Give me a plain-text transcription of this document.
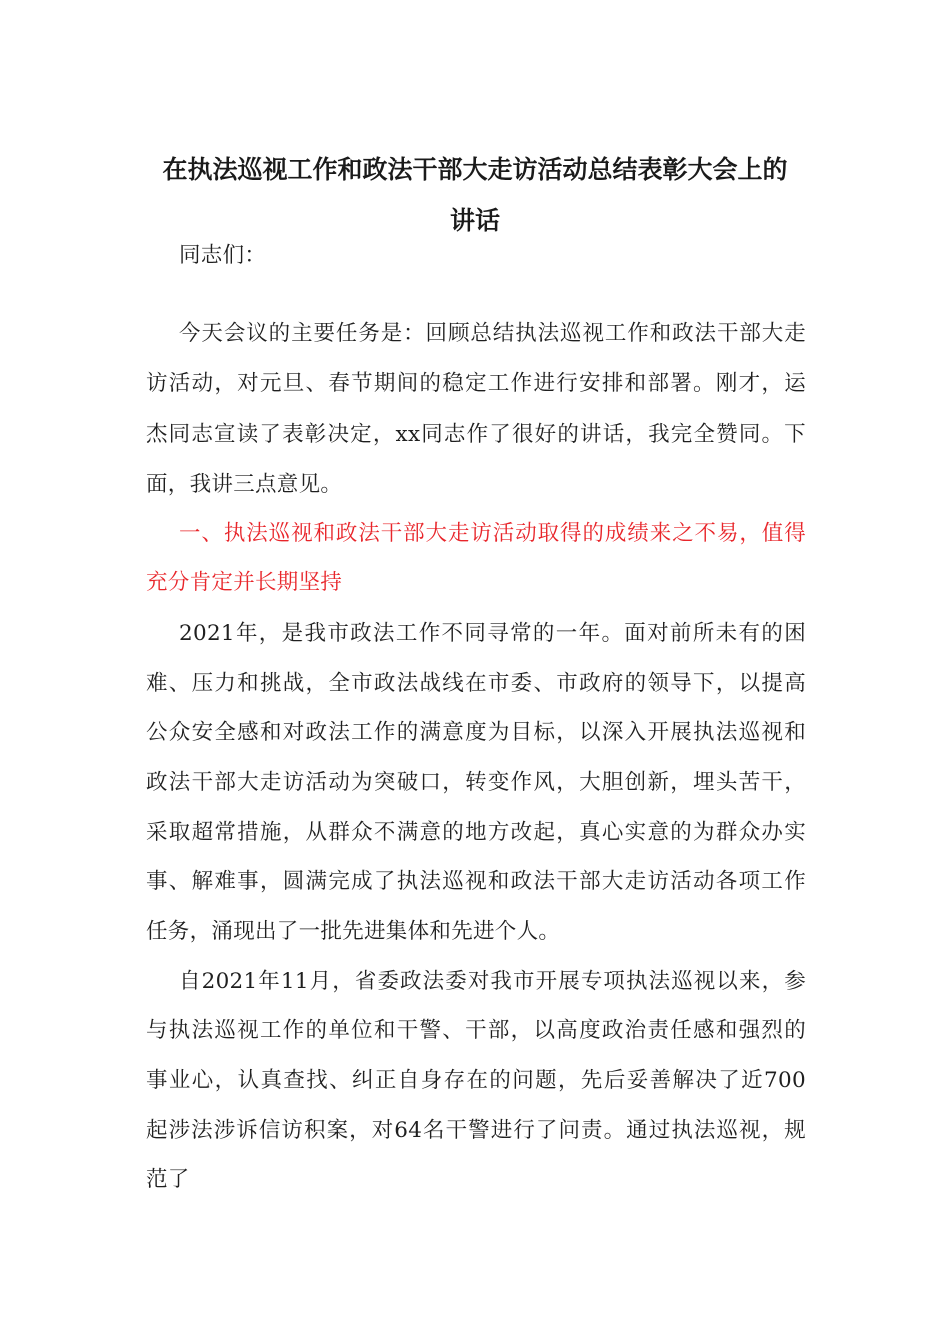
在执法巡视工作和政法干部大走访活动总结表彰大会上的
讲话
同志们：
今天会议的主要任务是：回顾总结执法巡视工作和政法干部大走
访活动，对元旦、春节期间的稳定工作进行安排和部署。刚才，运
杰同志宣读了表彰决定，xx同志作了很好的讲话，我完全赞同。下
面，我讲三点意见。
一、执法巡视和政法干部大走访活动取得的成绩来之不易，值得
充分肯定并长期坚持
2021年，是我市政法工作不同寻常的一年。面对前所未有的困
难、压力和挑战，全市政法战线在市委、市政府的领导下，以提高
公众安全感和对政法工作的满意度为目标，以深入开展执法巡视和
政法干部大走访活动为突破口，转变作风，大胆创新，埋头苦干，
采取超常措施，从群众不满意的地方改起，真心实意的为群众办实
事、解难事，圆满完成了执法巡视和政法干部大走访活动各项工作
任务，涌现出了一批先进集体和先进个人。
自2021年11月，省委政法委对我市开展专项执法巡视以来，参
与执法巡视工作的单位和干警、干部，以高度政治责任感和强烈的
事业心，认真查找、纠正自身存在的问题，先后妥善解决了近700
起涉法涉诉信访积案，对64名干警进行了问责。通过执法巡视，规
范了
